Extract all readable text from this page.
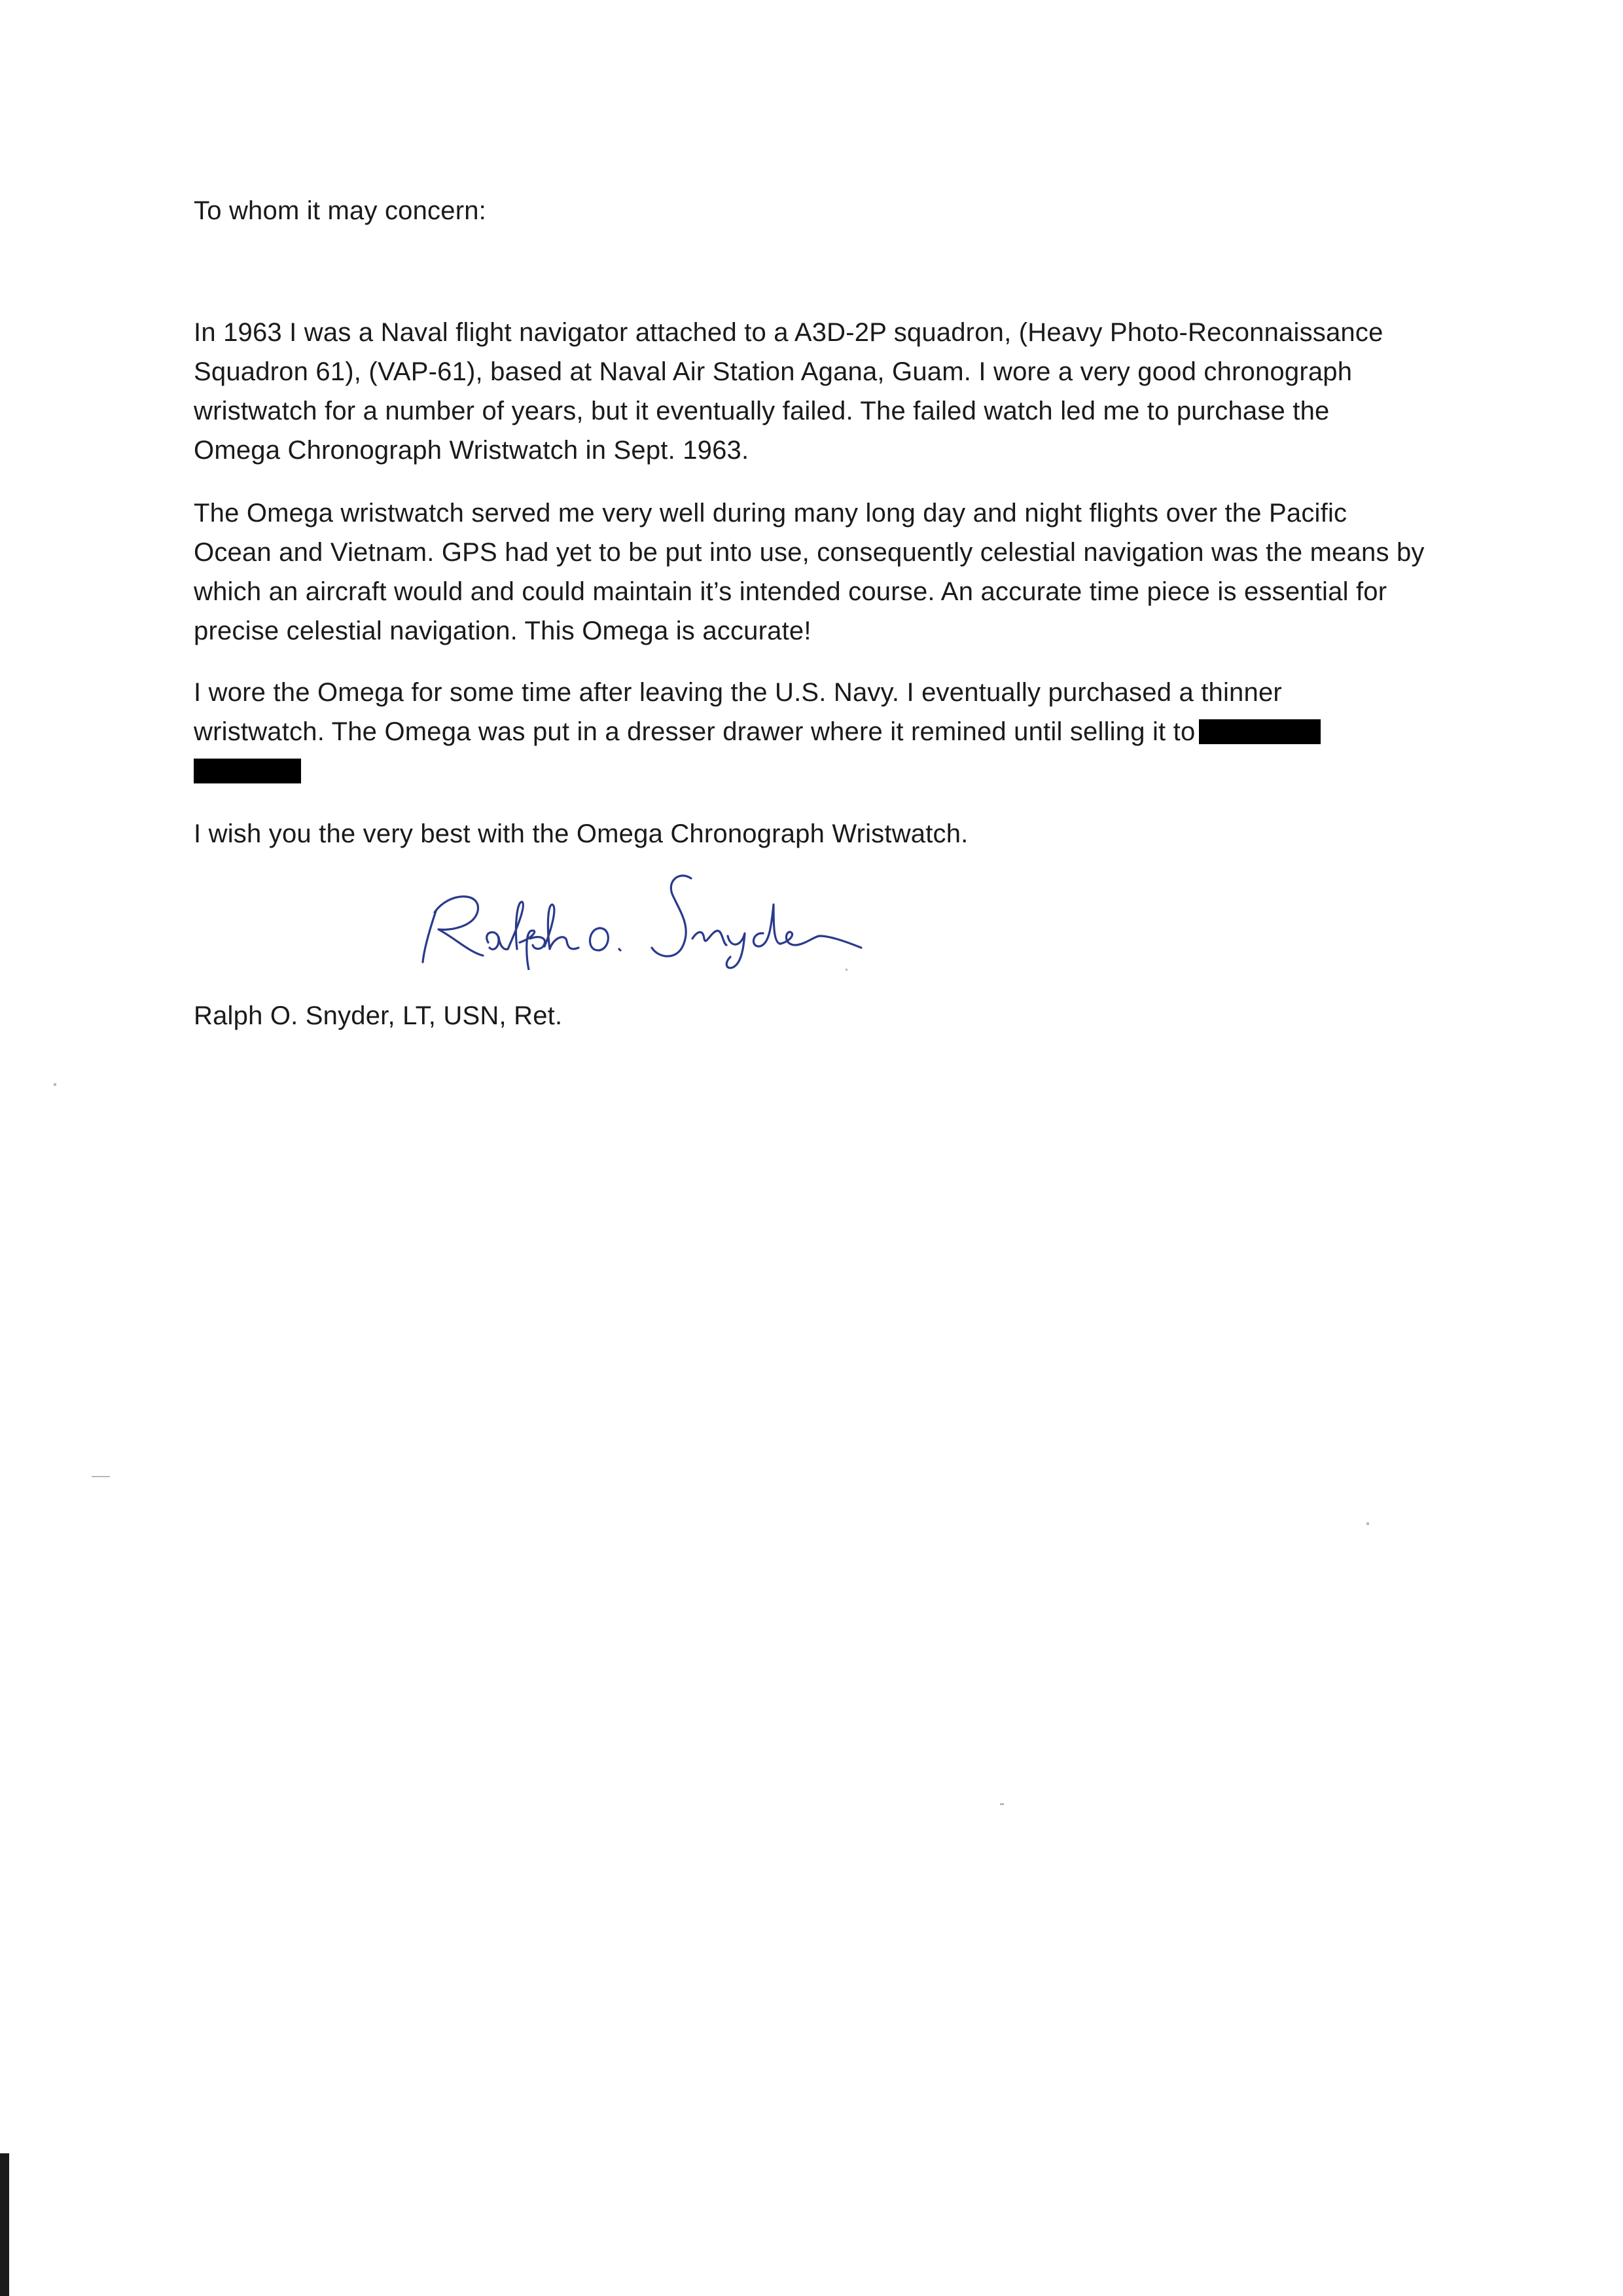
To whom it may concern:

In 1963 I was a Naval flight navigator attached to a A3D-2P squadron, (Heavy Photo-Reconnaissance
Squadron 61), (VAP-61), based at Naval Air Station Agana, Guam. I wore a very good chronograph
wristwatch for a number of years, but it eventually failed. The failed watch led me to purchase the
Omega Chronograph Wristwatch in Sept. 1963.
The Omega wristwatch served me very well during many long day and night flights over the Pacific
Ocean and Vietnam. GPS had yet to be put into use, consequently celestial navigation was the means by
which an aircraft would and could maintain it’s intended course. An accurate time piece is essential for
precise celestial navigation. This Omega is accurate!
I wore the Omega for some time after leaving the U.S. Navy. I eventually purchased a thinner
wristwatch. The Omega was put in a dresser drawer where it remined until selling it to

I wish you the very best with the Omega Chronograph Wristwatch.

Ralph O. Snyder, LT, USN, Ret.
